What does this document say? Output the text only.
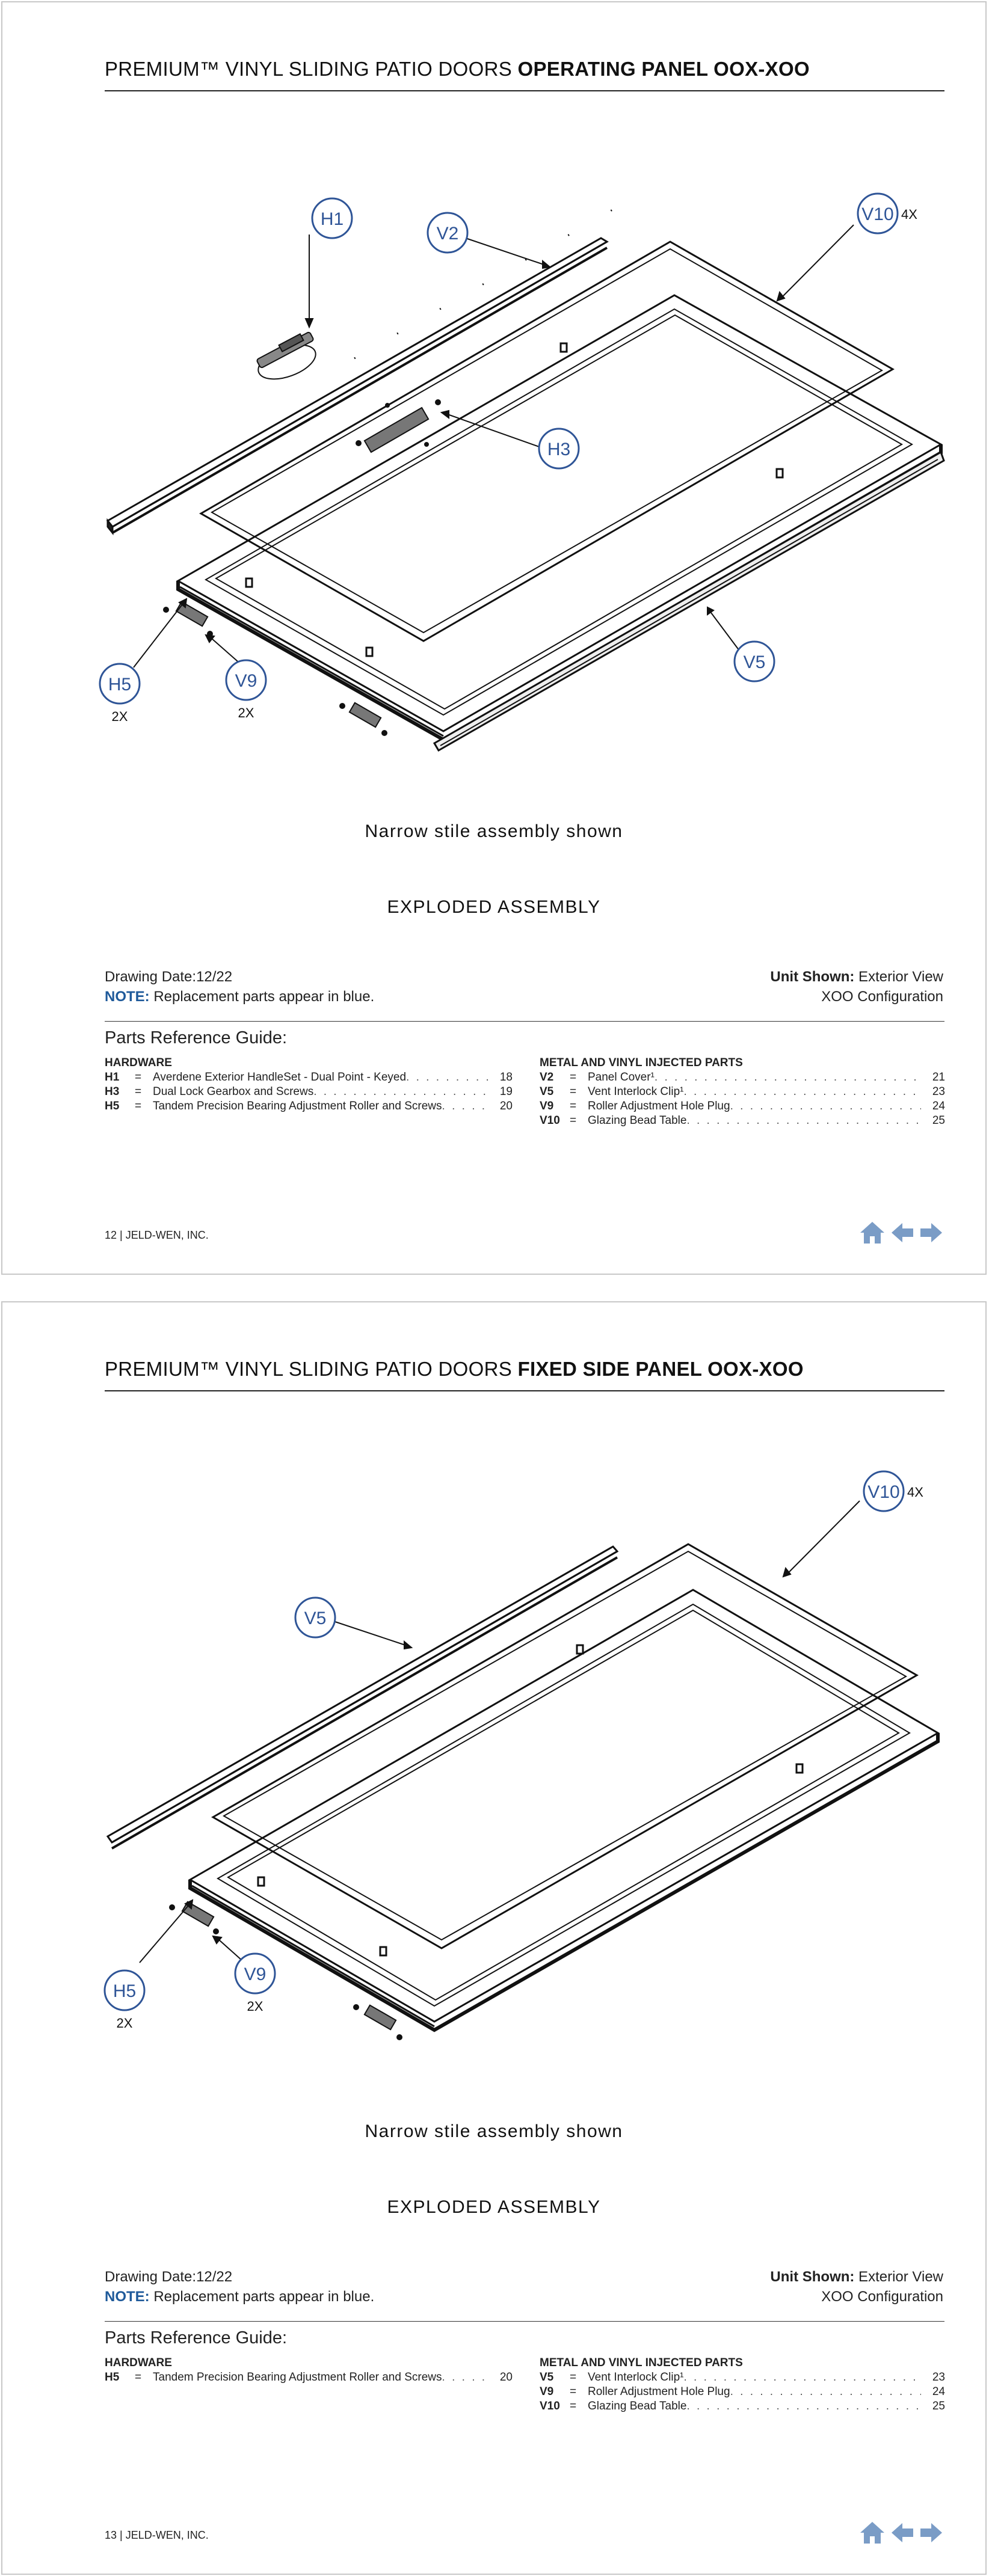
PREMIUM™ VINYL SLIDING PATIO DOORS OPERATING PANEL OOX-XOO
H1
V2
V10 4X
H3
V5
H5
2X
V9
2X
Narrow stile assembly shown
EXPLODED ASSEMBLY
Drawing Date:12/22
NOTE: Replacement parts appear in blue.
Unit Shown: Exterior View
XOO Configuration
Parts Reference Guide:
HARDWARE
H1	= Averdene Exterior HandleSet - Dual Point - Keyed . . .	18
H3	= Dual Lock Gearbox and Screws . . .	19
H5	= Tandem Precision Bearing Adjustment Roller and Screws . . .	20
METAL AND VINYL INJECTED PARTS
V2	= Panel Cover¹ . . .	21
V5	= Vent Interlock Clip¹ . . .	23
V9	= Roller Adjustment Hole Plug . . .	24
V10 = Glazing Bead Table . . .	25
12 | JELD-WEN, INC.
PREMIUM™ VINYL SLIDING PATIO DOORS FIXED SIDE PANEL OOX-XOO
V10 4X
V5
H5
2X
V9
2X
Narrow stile assembly shown
EXPLODED ASSEMBLY
Drawing Date:12/22
NOTE: Replacement parts appear in blue.
Unit Shown: Exterior View
XOO Configuration
Parts Reference Guide:
HARDWARE
H5	= Tandem Precision Bearing Adjustment Roller and Screws . . .	20
METAL AND VINYL INJECTED PARTS
V5	= Vent Interlock Clip¹ . . .	23
V9	= Roller Adjustment Hole Plug . . .	24
V10 = Glazing Bead Table . . .	25
13 | JELD-WEN, INC.
